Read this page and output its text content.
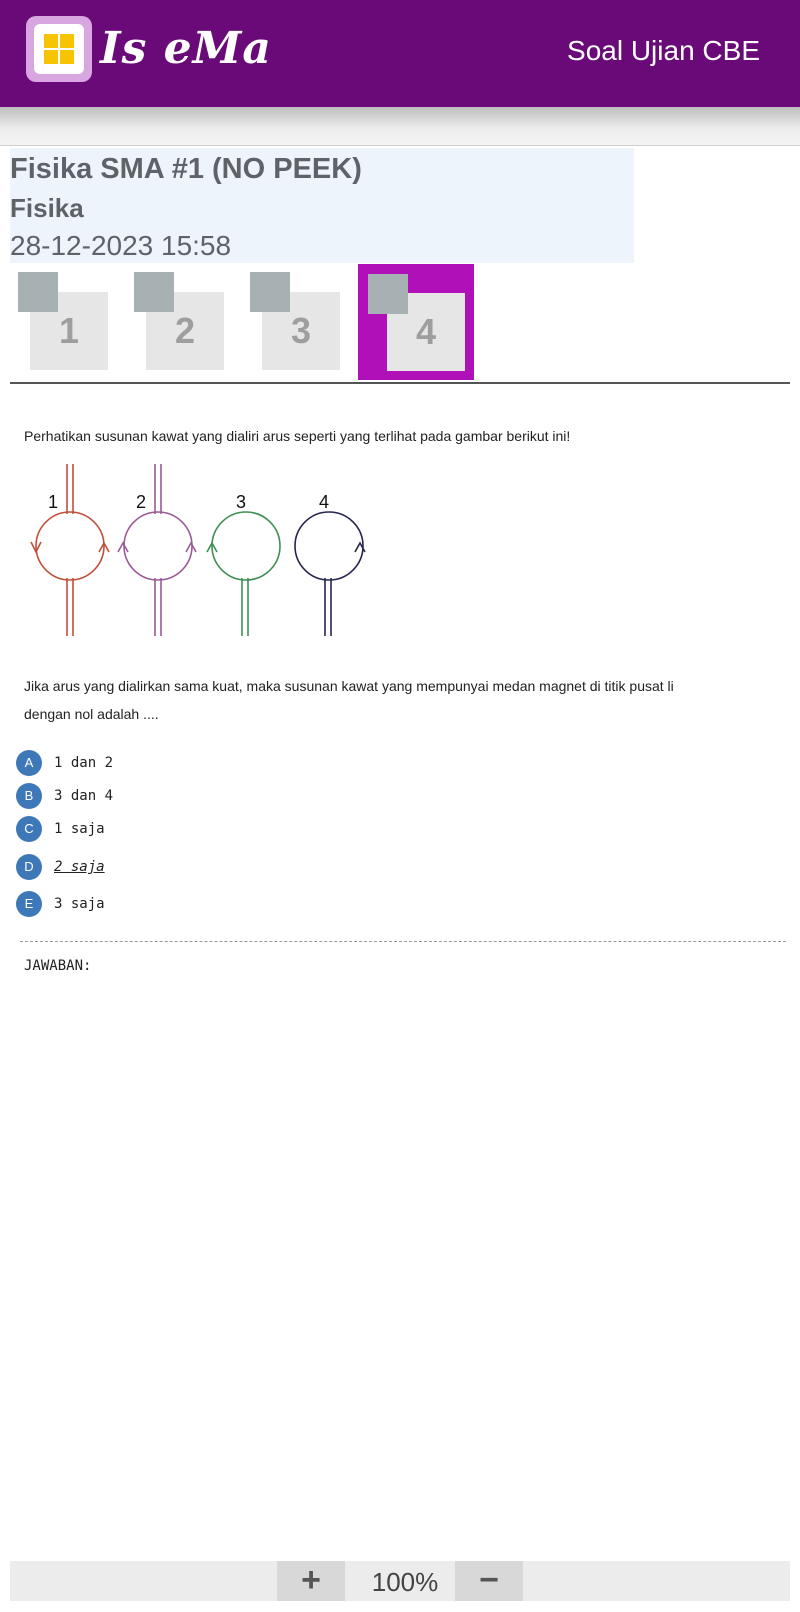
Is eMa	Soal Ujian CBE
Fisika SMA #1 (NO PEEK)
Fisika
28-12-2023 15:58
1	2	3	4
Perhatikan susunan kawat yang dialiri arus seperti yang terlihat pada gambar berikut ini!
1	2	3	4
Jika arus yang dialirkan sama kuat, maka susunan kawat yang mempunyai medan magnet di titik pusat li
dengan nol adalah ....
A	1 dan 2
B	3 dan 4
C	1 saja
D	2 saja
E	3 saja
JAWABAN:
+	100%	−
